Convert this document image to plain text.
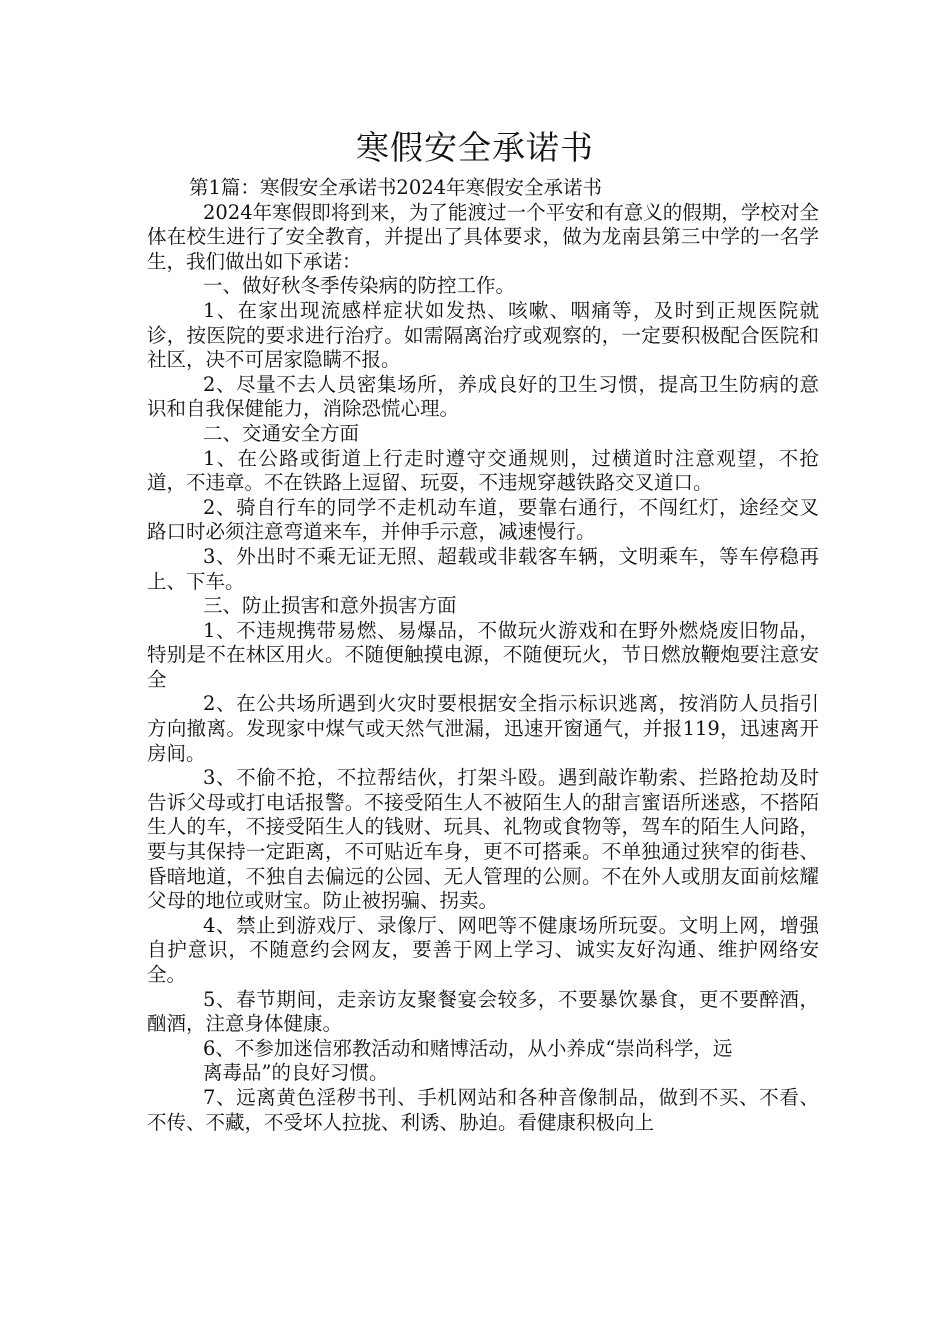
寒假安全承诺书

第1篇：寒假安全承诺书2024年寒假安全承诺书

2024年寒假即将到来，为了能渡过一个平安和有意义的假期，学校对全体在校生进行了安全教育，并提出了具体要求，做为龙南县第三中学的一名学生，我们做出如下承诺：

一、做好秋冬季传染病的防控工作。

1、在家出现流感样症状如发热、咳嗽、咽痛等，及时到正规医院就诊，按医院的要求进行治疗。如需隔离治疗或观察的，一定要积极配合医院和社区，决不可居家隐瞒不报。

2、尽量不去人员密集场所，养成良好的卫生习惯，提高卫生防病的意识和自我保健能力，消除恐慌心理。

二、交通安全方面

1、在公路或街道上行走时遵守交通规则，过横道时注意观望，不抢道，不违章。不在铁路上逗留、玩耍，不违规穿越铁路交叉道口。

2、骑自行车的同学不走机动车道，要靠右通行，不闯红灯，途经交叉路口时必须注意弯道来车，并伸手示意，减速慢行。

3、外出时不乘无证无照、超载或非载客车辆，文明乘车，等车停稳再上、下车。

三、防止损害和意外损害方面

1、不违规携带易燃、易爆品，不做玩火游戏和在野外燃烧废旧物品，特别是不在林区用火。不随便触摸电源，不随便玩火，节日燃放鞭炮要注意安全

2、在公共场所遇到火灾时要根据安全指示标识逃离，按消防人员指引方向撤离。发现家中煤气或天然气泄漏，迅速开窗通气，并报119，迅速离开房间。

3、不偷不抢，不拉帮结伙，打架斗殴。遇到敲诈勒索、拦路抢劫及时告诉父母或打电话报警。不接受陌生人不被陌生人的甜言蜜语所迷惑，不搭陌生人的车，不接受陌生人的钱财、玩具、礼物或食物等，驾车的陌生人问路，要与其保持一定距离，不可贴近车身，更不可搭乘。不单独通过狭窄的街巷、昏暗地道，不独自去偏远的公园、无人管理的公厕。不在外人或朋友面前炫耀父母的地位或财宝。防止被拐骗、拐卖。

4、禁止到游戏厅、录像厅、网吧等不健康场所玩耍。文明上网，增强自护意识，不随意约会网友，要善于网上学习、诚实友好沟通、维护网络安全。

5、春节期间，走亲访友聚餐宴会较多，不要暴饮暴食，更不要醉酒，酗酒，注意身体健康。

6、不参加迷信邪教活动和赌博活动，从小养成“崇尚科学，远

离毒品”的良好习惯。

7、远离黄色淫秽书刊、手机网站和各种音像制品，做到不买、不看、不传、不藏，不受坏人拉拢、利诱、胁迫。看健康积极向上
